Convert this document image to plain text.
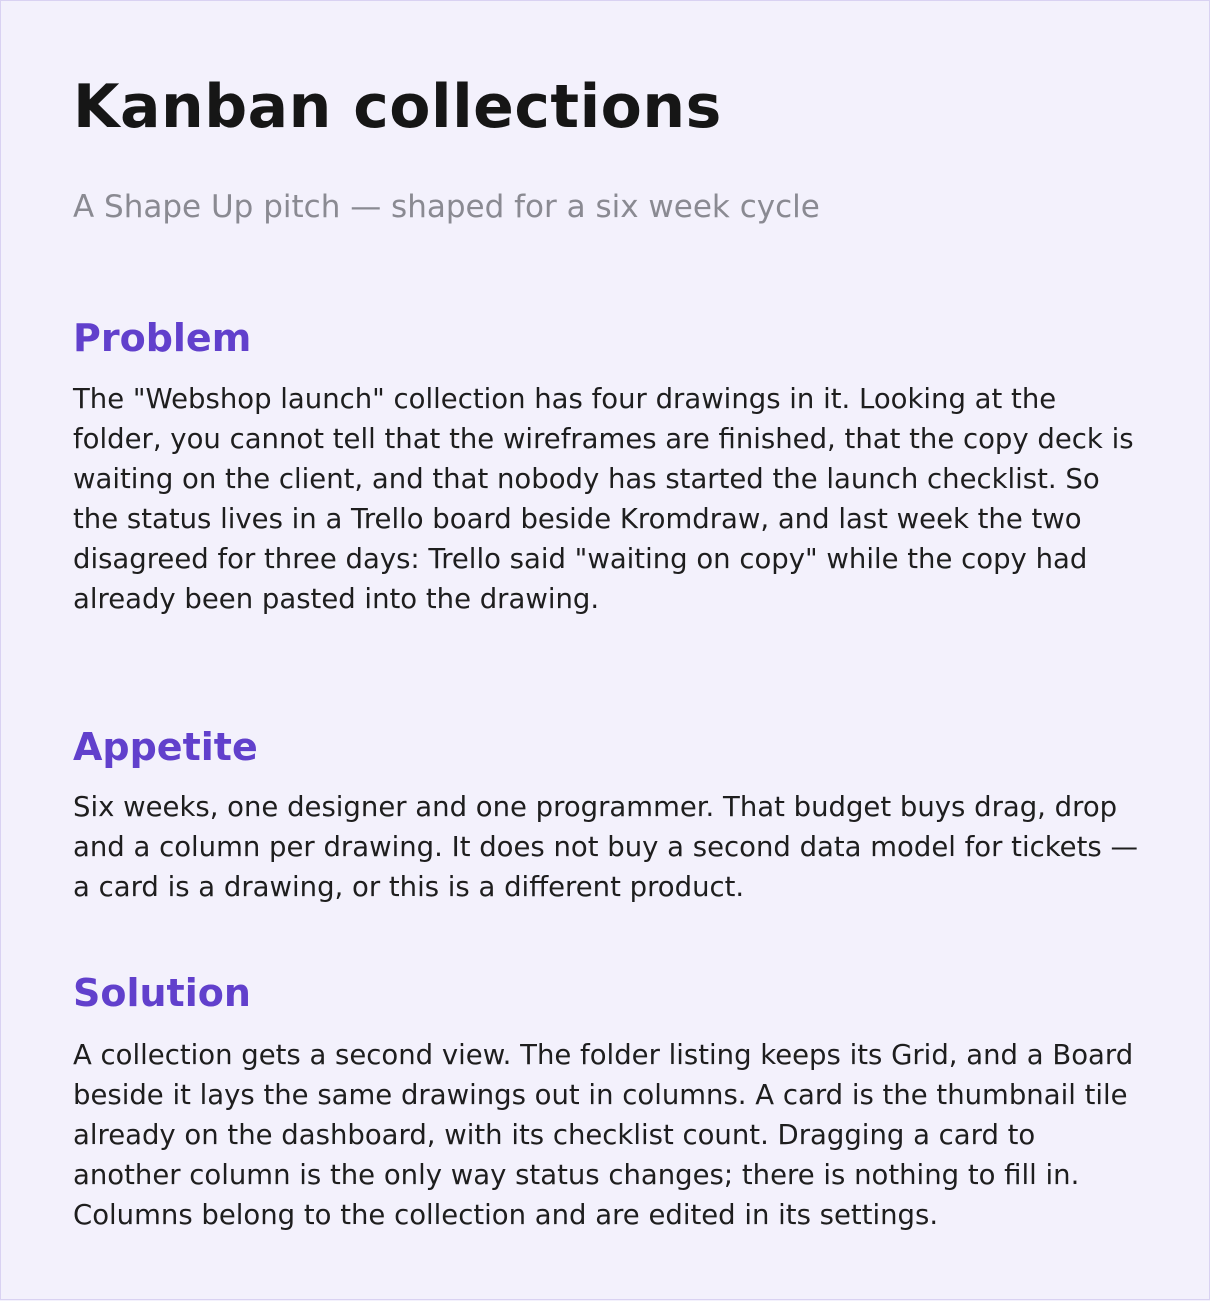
Kanban collections

A Shape Up pitch — shaped for a six week cycle

Problem

The "Webshop launch" collection has four drawings in it. Looking at the folder, you cannot tell that the wireframes are finished, that the copy deck is waiting on the client, and that nobody has started the launch checklist. So the status lives in a Trello board beside Kromdraw, and last week the two disagreed for three days: Trello said "waiting on copy" while the copy had already been pasted into the drawing.

Appetite

Six weeks, one designer and one programmer. That budget buys drag, drop and a column per drawing. It does not buy a second data model for tickets — a card is a drawing, or this is a different product.

Solution

A collection gets a second view. The folder listing keeps its Grid, and a Board beside it lays the same drawings out in columns. A card is the thumbnail tile already on the dashboard, with its checklist count. Dragging a card to another column is the only way status changes; there is nothing to fill in. Columns belong to the collection and are edited in its settings.
